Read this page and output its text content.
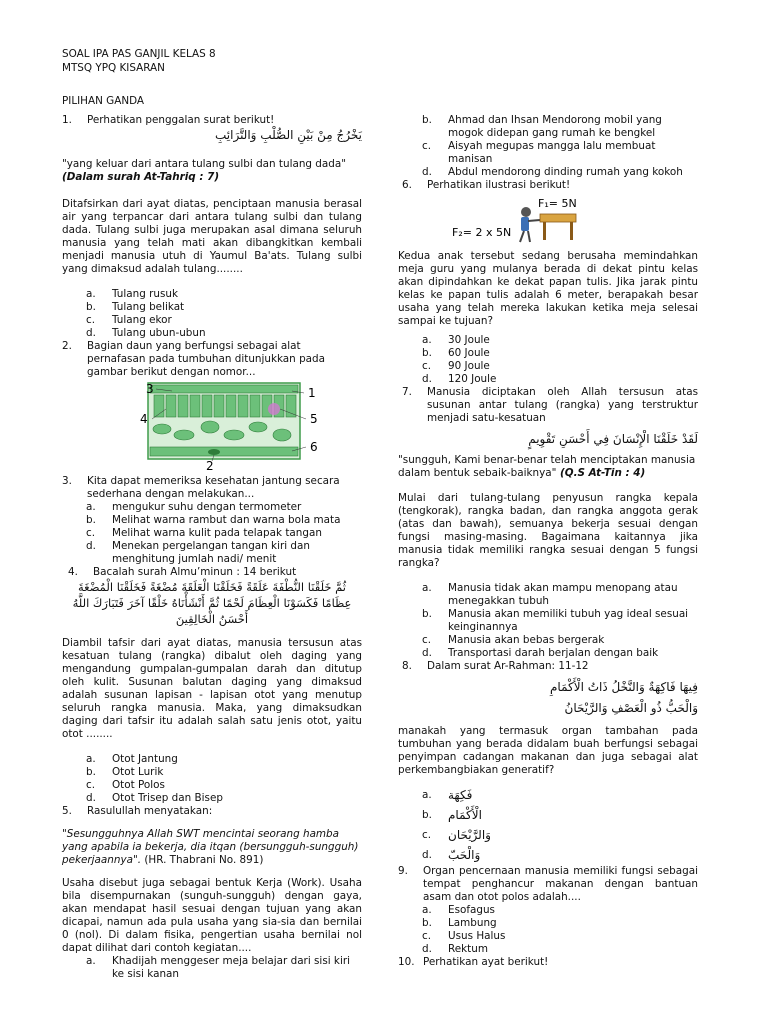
SOAL IPA PAS GANJIL KELAS 8
MTSQ YPQ KISARAN
PILIHAN GANDA
1.	Perhatikan penggalan surat berikut!

يَخْرُجُ مِنْ بَيْنِ الصُّلْبِ وَالتَّرَائِبِ

"yang keluar dari antara tulang sulbi dan tulang dada"

(Dalam surah At-Tahriq : 7)

Ditafsirkan dari ayat diatas, penciptaan manusia berasal air yang terpancar dari antara tulang sulbi dan tulang dada. Tulang sulbi juga merupakan asal dimana seluruh manusia yang telah mati akan dibangkitkan kembali menjadi manusia utuh di Yaumul Ba'ats. Tulang sulbi yang dimaksud adalah tulang........

a.	Tulang rusuk
b.	Tulang belikat
c.	Tulang ekor
d.	Tulang ubun-ubun
2.	Bagian daun yang berfungsi sebagai alat pernafasan pada tumbuhan ditunjukkan pada gambar berikut dengan nomor...
3	1
4	5
6
2
3.	Kita dapat memeriksa kesehatan jantung secara sederhana dengan melakukan...
a.	mengukur suhu dengan termometer
b.	Melihat warna rambut dan warna bola mata
c.	Melihat warna kulit pada telapak tangan
d.	Menekan pergelangan tangan kiri dan menghitung jumlah nadi/ menit
4.	Bacalah surah Almu’minun : 14 berikut

ثُمَّ خَلَقْنَا النُّطْفَةَ عَلَقَةً فَخَلَقْنَا الْعَلَقَةَ مُضْغَةً فَخَلَقْنَا الْمُضْغَةَ عِظَامًا فَكَسَوْنَا الْعِظَامَ لَحْمًا ثُمَّ أَنْشَأْنَاهُ خَلْقًا آخَرَ فَتَبَارَكَ اللَّهُ أَحْسَنُ الْخَالِقِينَ

Diambil tafsir dari ayat diatas, manusia tersusun atas kesatuan tulang (rangka) dibalut oleh daging yang mengandung gumpalan-gumpalan darah dan ditutup oleh kulit. Susunan balutan daging yang dimaksud adalah susunan lapisan - lapisan otot yang menutup seluruh rangka manusia. Maka, yang dimaksudkan daging dari tafsir itu adalah salah satu jenis otot, yaitu otot ........

a.	Otot Jantung
b.	Otot Lurik
c.	Otot Polos
d.	Otot Trisep dan Bisep
5.	Rasulullah menyatakan:

"Sesungguhnya Allah SWT mencintai seorang hamba yang apabila ia bekerja, dia itqan (bersungguh-sungguh) pekerjaannya". (HR. Thabrani No. 891)

Usaha disebut juga sebagai bentuk Kerja (Work). Usaha bila disempurnakan (sunguh-sungguh) dengan gaya, akan mendapat hasil sesuai dengan tujuan yang akan dicapai, namun ada pula usaha yang sia-sia dan bernilai 0 (nol). Di dalam fisika, pengertian usaha bernilai nol dapat dilihat dari contoh kegiatan....

a.	Khadijah menggeser meja belajar dari sisi kiri ke sisi kanan
b.	Ahmad dan Ihsan Mendorong mobil yang mogok didepan gang rumah ke bengkel
c.	Aisyah megupas mangga lalu membuat manisan
d.	Abdul mendorong dinding rumah yang kokoh
6.	Perhatikan ilustrasi berikut!
F₁= 5N
F₂= 2 x 5N

Kedua anak tersebut sedang berusaha memindahkan meja guru yang mulanya berada di dekat pintu kelas akan dipindahkan ke dekat papan tulis. Jika jarak pintu kelas ke papan tulis adalah 6 meter, berapakah besar usaha yang telah mereka lakukan ketika meja selesai sampai ke tujuan?

a.	30 Joule
b.	60 Joule
c.	90 Joule
d.	120 Joule
7.	Manusia diciptakan oleh Allah tersusun atas susunan antar tulang (rangka) yang terstruktur menjadi satu-kesatuan

لَقَدْ خَلَقْنَا الْإِنْسَانَ فِي أَحْسَنِ تَقْوِيمٍ

"sungguh, Kami benar-benar telah menciptakan manusia dalam bentuk sebaik-baiknya" (Q.S At-Tin : 4)

Mulai dari tulang-tulang penyusun rangka kepala (tengkorak), rangka badan, dan rangka anggota gerak (atas dan bawah), semuanya bekerja sesuai dengan fungsi masing-masing. Bagaimana kaitannya jika manusia tidak memiliki rangka sesuai dengan 5 fungsi rangka?

a.	Manusia tidak akan mampu menopang atau menegakkan tubuh
b.	Manusia akan memiliki tubuh yag ideal sesuai keinginannya
c.	Manusia akan bebas bergerak
d.	Transportasi darah berjalan dengan baik
8.	Dalam surat Ar-Rahman: 11-12

فِيهَا فَاكِهَةٌ وَالنَّخْلُ ذَاتُ الْأَكْمَامِ

وَالْحَبُّ ذُو الْعَصْفِ وَالرَّيْحَانُ

manakah yang termasuk organ tambahan pada tumbuhan yang berada didalam buah berfungsi sebagai penyimpan cadangan makanan dan juga sebagai alat perkembangbiakan generatif?

a.	فَكِهَة
b.	الْأَكْمَام
c.	وَالرَّيْحَان
d.	وَالْحَبّ
9.	Organ pencernaan manusia memiliki fungsi sebagai tempat penghancur makanan dengan bantuan asam dan otot polos adalah....
a.	Esofagus
b.	Lambung
c.	Usus Halus
d.	Rektum
10. Perhatikan ayat berikut!
